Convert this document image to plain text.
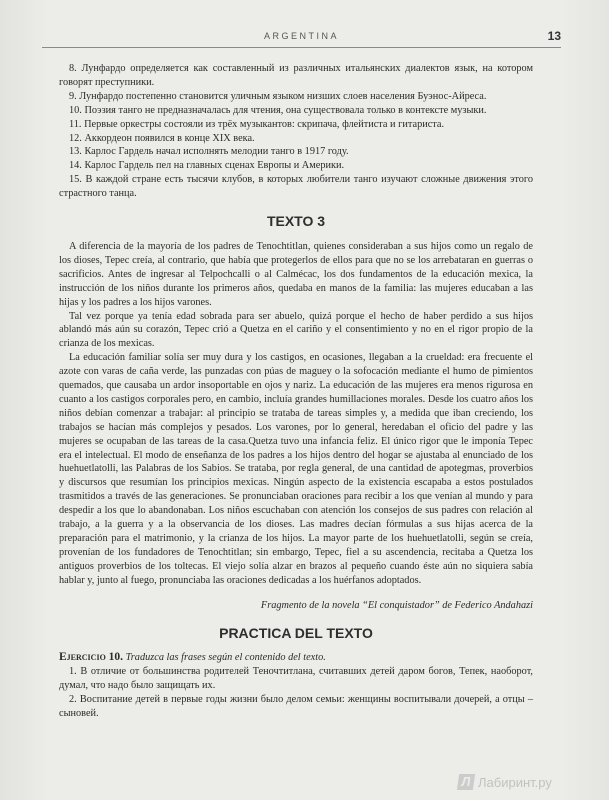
ARGENTINA	13

8. Лунфардо определяется как составленный из различных итальянских диалектов язык, на котором говорят преступники.

9. Лунфардо постепенно становится уличным языком низших слоев населения Буэнос-Айреса.

10. Поэзия танго не предназначалась для чтения, она существовала только в контексте музыки.

11. Первые оркестры состояли из трёх музыкантов: скрипача, флейтиста и гитариста.

12. Аккордеон появился в конце XIX века.

13. Карлос Гардель начал исполнять мелодии танго в 1917 году.

14. Карлос Гардель пел на главных сценах Европы и Америки.

15. В каждой стране есть тысячи клубов, в которых любители танго изучают сложные движения этого страстного танца.

TEXTO 3

A diferencia de la mayoría de los padres de Tenochtitlan, quienes consideraban a sus hijos como un regalo de los dioses, Tepec creía, al contrario, que había que protegerlos de ellos para que no se los arrebataran en guerras o sacrificios. Antes de ingresar al Telpochcalli o al Calmécac, los dos fundamentos de la educación mexica, la instrucción de los niños durante los primeros años, quedaba en manos de la familia: las mujeres educaban a las hijas y los padres a los hijos varones.

Tal vez porque ya tenía edad sobrada para ser abuelo, quizá porque el hecho de haber perdido a sus hijos ablandó más aún su corazón, Tepec crió a Quetza en el cariño y el consentimiento y no en el rigor propio de la crianza de los mexicas.

La educación familiar solía ser muy dura y los castigos, en ocasiones, llegaban a la crueldad: era frecuente el azote con varas de caña verde, las punzadas con púas de maguey o la sofocación mediante el humo de pimientos quemados, que causaba un ardor insoportable en ojos y nariz. La educación de las mujeres era menos rigurosa en cuanto a los castigos corporales pero, en cambio, incluía grandes humillaciones morales. Desde los cuatro años los niños debían comenzar a trabajar: al principio se trataba de tareas simples y, a medida que iban creciendo, los trabajos se hacían más complejos y pesados. Los varones, por lo general, heredaban el oficio del padre y las mujeres se ocupaban de las tareas de la casa.Quetza tuvo una infancia feliz. El único rigor que le imponía Tepec era el intelectual. El modo de enseñanza de los padres a los hijos dentro del hogar se ajustaba al enunciado de los huehuetlatolli, las Palabras de los Sabios. Se trataba, por regla general, de una cantidad de apotegmas, proverbios y discursos que resumían los principios mexicas. Ningún aspecto de la existencia escapaba a estos postulados trasmitidos a través de las generaciones. Se pronunciaban oraciones para recibir a los que venían al mundo y para despedir a los que lo abandonaban. Los niños escuchaban con atención los consejos de sus padres con relación al trabajo, a la guerra y a la observancia de los dioses. Las madres decían fórmulas a sus hijas acerca de la preparación para el matrimonio, y la crianza de los hijos. La mayor parte de los huehuetlatolli, según se creía, provenían de los fundadores de Tenochtitlan; sin embargo, Tepec, fiel a su ascendencia, recitaba a Quetza los antiguos proverbios de los toltecas. El viejo solía alzar en brazos al pequeño cuando éste aún no siquiera sabía hablar y, junto al fuego, pronunciaba las oraciones dedicadas a los huérfanos adoptados.

Fragmento de la novela “El conquistador” de Federico Andahazi
PRACTICA DEL TEXTO

Ejercicio 10. Traduzca las frases según el contenido del texto.

1. В отличие от большинства родителей Теночтитлана, считавших детей даром богов, Тепек, наоборот, думал, что надо было защищать их.

2. Воспитание детей в первые годы жизни было делом семьи: женщины воспитывали дочерей, а отцы – сыновей.

Л Лабиринт.ру
